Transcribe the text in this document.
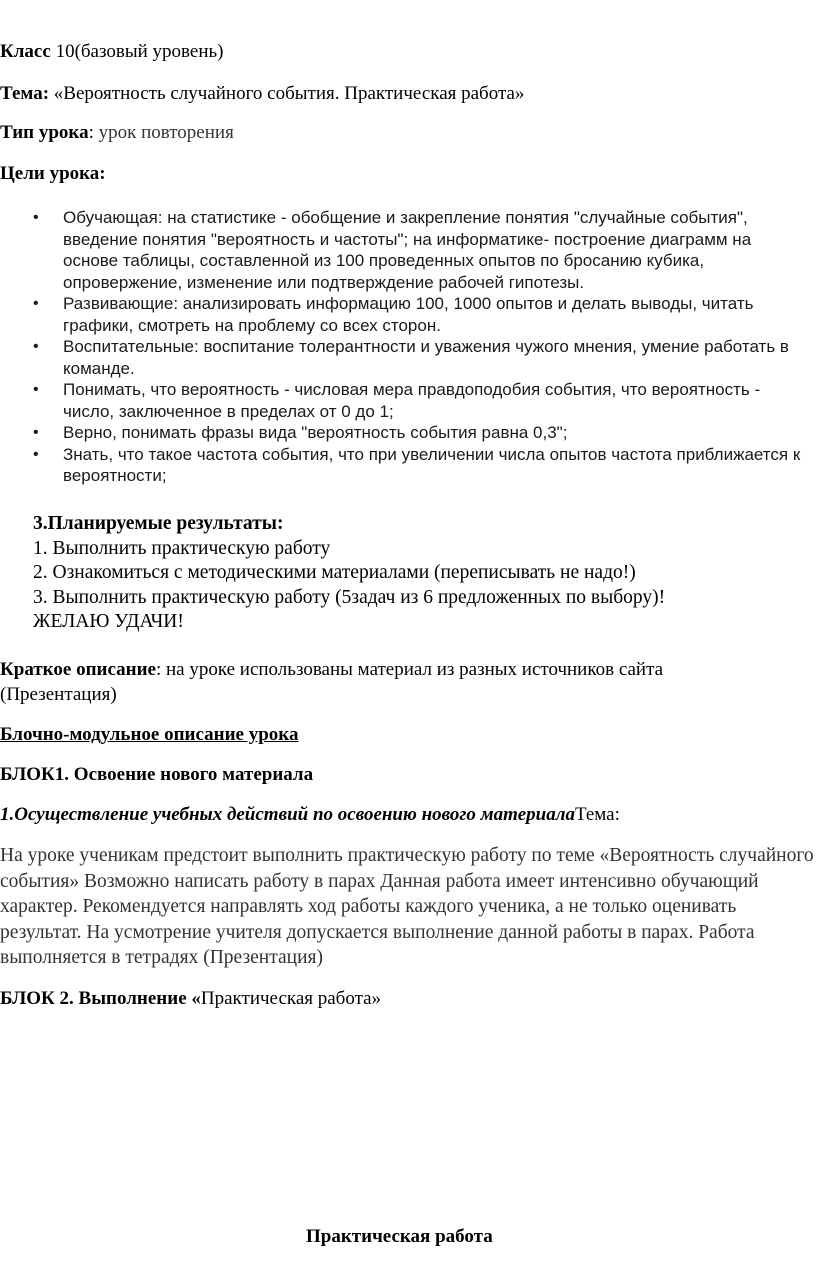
Класс 10(базовый уровень)
Тема: «Вероятность случайного события. Практическая работа»
Тип урока: урок повторения
Цели урока:
• Обучающая: на статистике - обобщение и закрепление понятия "случайные события", введение понятия "вероятность и частоты"; на информатике- построение диаграмм на основе таблицы, составленной из 100 проведенных опытов по бросанию кубика, опровержение, изменение или подтверждение рабочей гипотезы.
• Развивающие: анализировать информацию 100, 1000 опытов и делать выводы, читать графики, смотреть на проблему со всех сторон.
• Воспитательные: воспитание толерантности и уважения чужого мнения, умение работать в команде.
• Понимать, что вероятность - числовая мера правдоподобия события, что вероятность - число, заключенное в пределах от 0 до 1;
• Верно, понимать фразы вида "вероятность события равна 0,3";
• Знать, что такое частота события, что при увеличении числа опытов частота приближается к вероятности;
3.Планируемые результаты:
1. Выполнить практическую работу
2. Ознакомиться с методическими материалами (переписывать не надо!)
3. Выполнить практическую работу (5задач из 6 предложенных по выбору)!
ЖЕЛАЮ УДАЧИ!
Краткое описание: на уроке использованы материал из разных источников сайта
(Презентация)
Блочно-модульное описание урока
БЛОК1. Освоение нового материала
1.Осуществление учебных действий по освоению нового материалаТема:
На уроке ученикам предстоит выполнить практическую работу по теме «Вероятность случайного события» Возможно написать работу в парах Данная работа имеет интенсивно обучающий характер. Рекомендуется направлять ход работы каждого ученика, а не только оценивать результат. На усмотрение учителя допускается выполнение данной работы в парах. Работа выполняется в тетрадях (Презентация)
БЛОК 2. Выполнение «Практическая работа»
Практическая работа
